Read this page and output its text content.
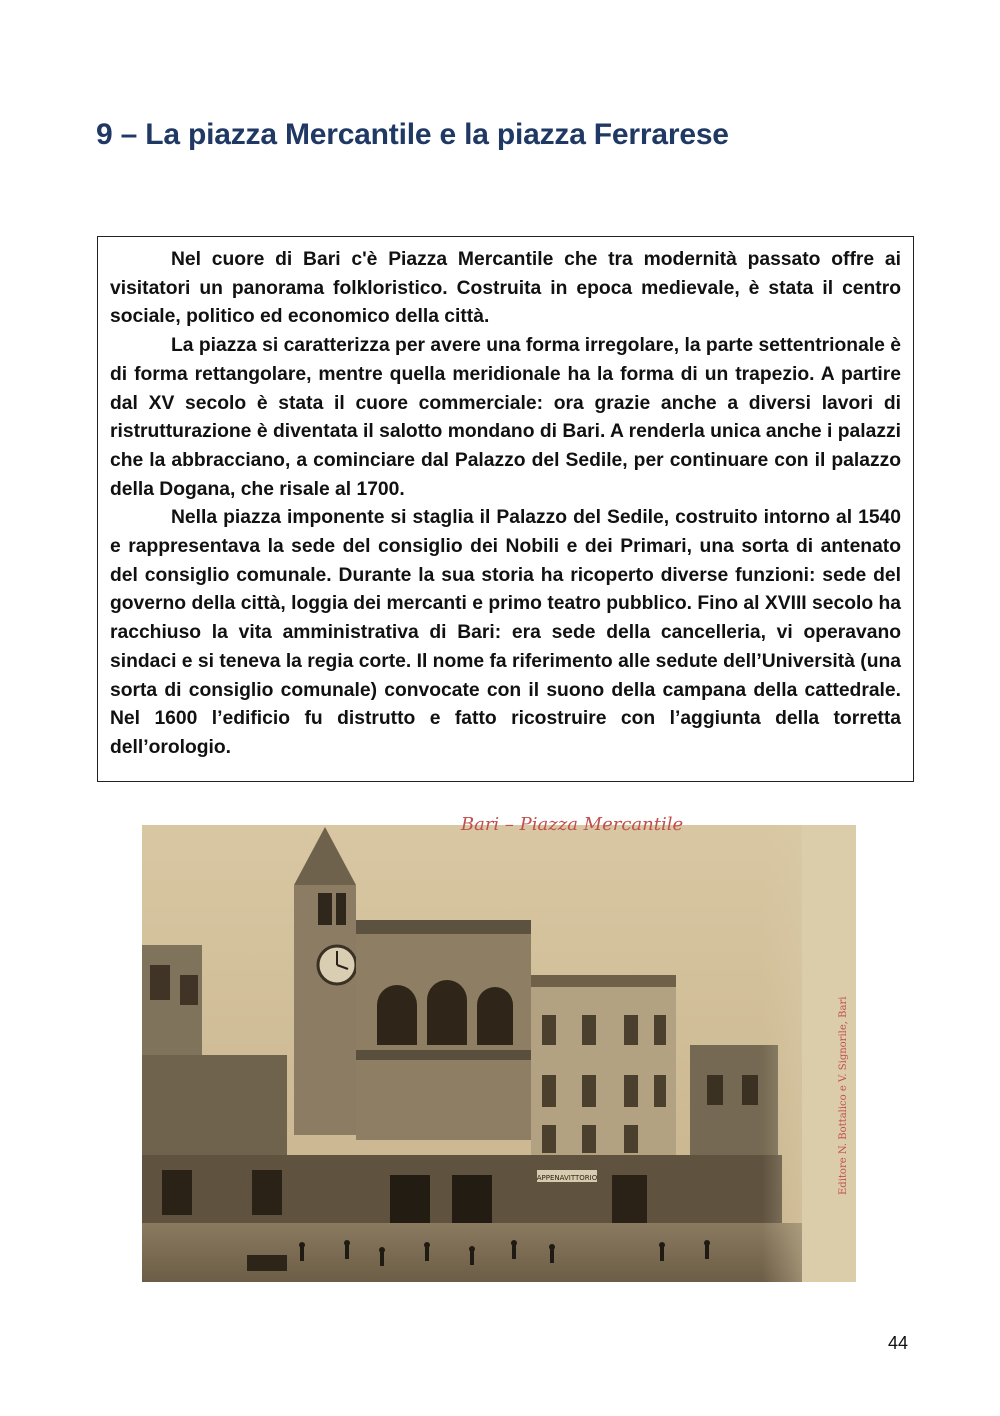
9 – La piazza Mercantile e la piazza Ferrarese

Nel cuore di Bari c'è Piazza Mercantile che tra modernità passato offre ai visitatori un panorama folkloristico. Costruita in epoca medievale, è stata il centro sociale, politico ed economico della città.

La piazza si caratterizza per avere una forma irregolare, la parte settentrionale è di forma rettangolare, mentre quella meridionale ha la forma di un trapezio. A partire dal XV secolo è stata il cuore commerciale: ora grazie anche a diversi lavori di ristrutturazione è diventata il salotto mondano di Bari. A renderla unica anche i palazzi che la abbracciano, a cominciare dal Palazzo del Sedile, per continuare con il palazzo della Dogana, che risale al 1700.

Nella piazza imponente si staglia il Palazzo del Sedile, costruito intorno al 1540 e rappresentava la sede del consiglio dei Nobili e dei Primari, una sorta di antenato del consiglio comunale. Durante la sua storia ha ricoperto diverse funzioni: sede del governo della città, loggia dei mercanti e primo teatro pubblico. Fino al XVIII secolo ha racchiuso la vita amministrativa di Bari: era sede della cancelleria, vi operavano sindaci e si teneva la regia corte. Il nome fa riferimento alle sedute dell’Università (una sorta di consiglio comunale) convocate con il suono della campana della cattedrale. Nel 1600 l’edificio fu distrutto e fatto ricostruire con l’aggiunta della torretta dell’orologio.

APPENAVITTORIO
Bari – Piazza Mercantile
Editore N. Bottalico e V. Signorile, Bari
44
